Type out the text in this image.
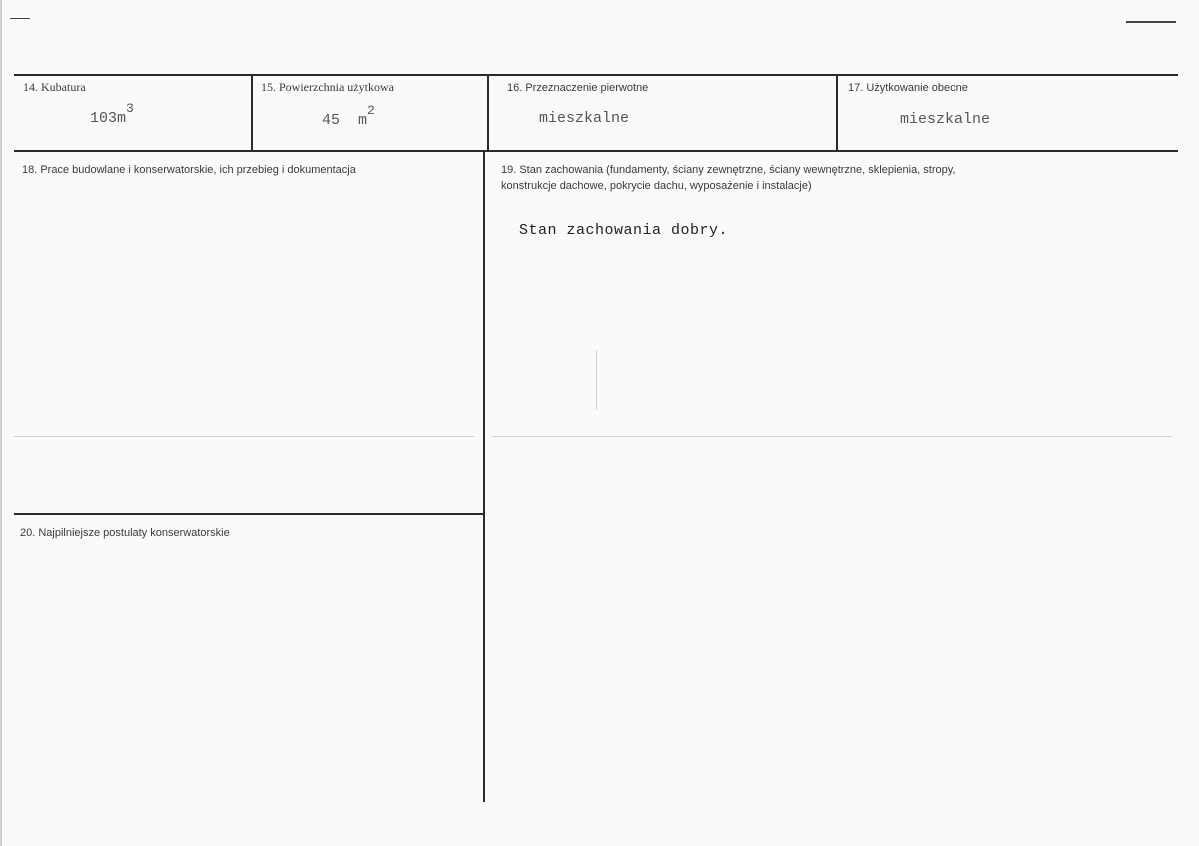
14. Kubatura
$103m^3$
15. Powierzchnia użytkowa
45  $m^2$
16. Przeznaczenie pierwotne
mieszkalne
17. Użytkowanie obecne
mieszkalne
18. Prace budowlane i konserwatorskie, ich przebieg i dokumentacja	19. Stan zachowania (fundamenty, ściany zewnętrzne, ściany wewnętrzne, sklepienia, stropy,
konstrukcje dachowe, pokrycie dachu, wyposażenie i instalacje)
Stan zachowania dobry.
20. Najpilniejsze postulaty konserwatorskie
